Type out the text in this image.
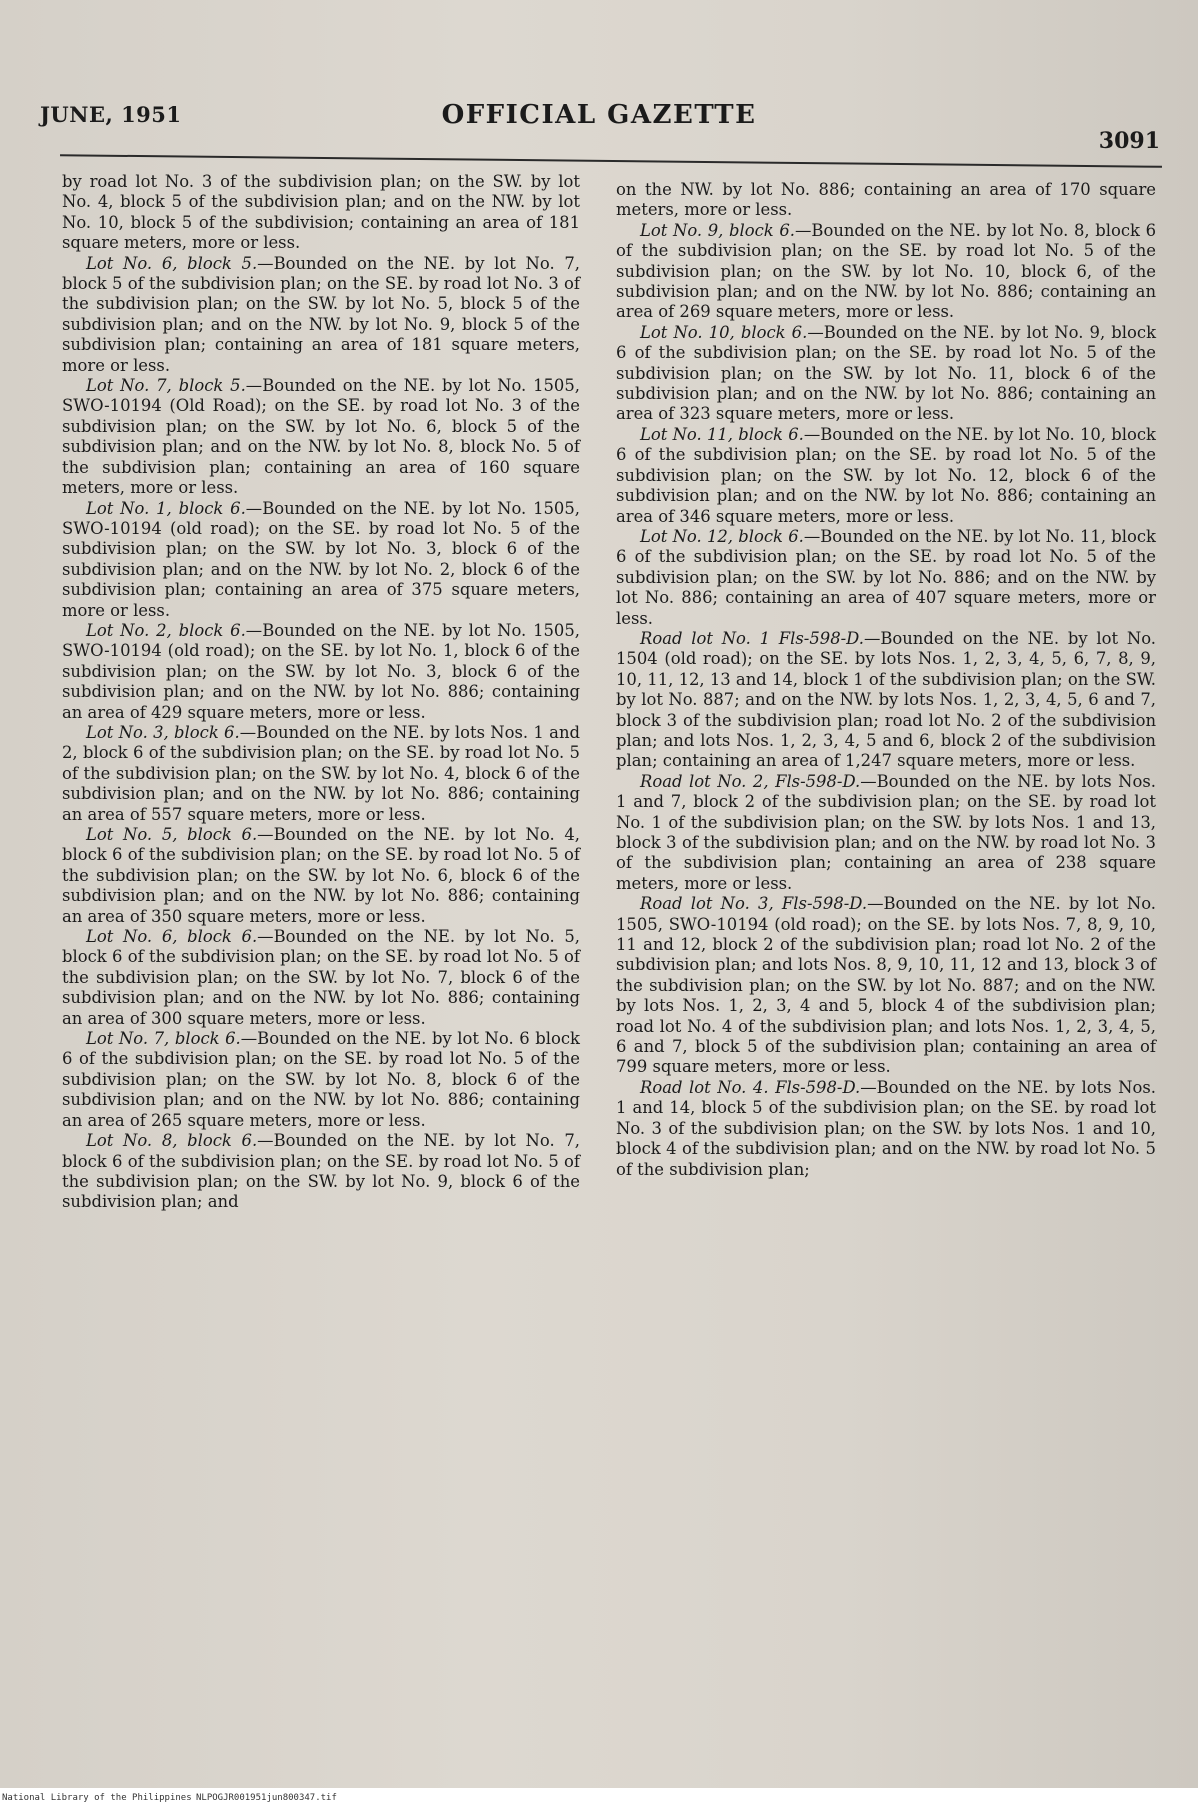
JUNE, 1951	OFFICIAL GAZETTE
3091

by road lot No. 3 of the subdivision plan; on the SW. by lot No. 4, block 5 of the subdivision plan; and on the NW. by lot No. 10, block 5 of the subdivision; containing an area of 181 square meters, more or less.

Lot No. 6, block 5.—Bounded on the NE. by lot No. 7, block 5 of the subdivision plan; on the SE. by road lot No. 3 of the subdivision plan; on the SW. by lot No. 5, block 5 of the subdivision plan; and on the NW. by lot No. 9, block 5 of the subdivision plan; containing an area of 181 square meters, more or less.

Lot No. 7, block 5.—Bounded on the NE. by lot No. 1505, SWO-10194 (Old Road); on the SE. by road lot No. 3 of the subdivision plan; on the SW. by lot No. 6, block 5 of the subdivision plan; and on the NW. by lot No. 8, block No. 5 of the subdivision plan; containing an area of 160 square meters, more or less.

Lot No. 1, block 6.—Bounded on the NE. by lot No. 1505, SWO-10194 (old road); on the SE. by road lot No. 5 of the subdivision plan; on the SW. by lot No. 3, block 6 of the subdivision plan; and on the NW. by lot No. 2, block 6 of the subdivision plan; containing an area of 375 square meters, more or less.

Lot No. 2, block 6.—Bounded on the NE. by lot No. 1505, SWO-10194 (old road); on the SE. by lot No. 1, block 6 of the subdivision plan; on the SW. by lot No. 3, block 6 of the subdivision plan; and on the NW. by lot No. 886; containing an area of 429 square meters, more or less.

Lot No. 3, block 6.—Bounded on the NE. by lots Nos. 1 and 2, block 6 of the subdivision plan; on the SE. by road lot No. 5 of the subdivision plan; on the SW. by lot No. 4, block 6 of the subdivision plan; and on the NW. by lot No. 886; containing an area of 557 square meters, more or less.

Lot No. 5, block 6.—Bounded on the NE. by lot No. 4, block 6 of the subdivision plan; on the SE. by road lot No. 5 of the subdivision plan; on the SW. by lot No. 6, block 6 of the subdivision plan; and on the NW. by lot No. 886; containing an area of 350 square meters, more or less.

Lot No. 6, block 6.—Bounded on the NE. by lot No. 5, block 6 of the subdivision plan; on the SE. by road lot No. 5 of the subdivision plan; on the SW. by lot No. 7, block 6 of the subdivision plan; and on the NW. by lot No. 886; containing an area of 300 square meters, more or less.

Lot No. 7, block 6.—Bounded on the NE. by lot No. 6 block 6 of the subdivision plan; on the SE. by road lot No. 5 of the subdivision plan; on the SW. by lot No. 8, block 6 of the subdivision plan; and on the NW. by lot No. 886; containing an area of 265 square meters, more or less.

Lot No. 8, block 6.—Bounded on the NE. by lot No. 7, block 6 of the subdivision plan; on the SE. by road lot No. 5 of the subdivision plan; on the SW. by lot No. 9, block 6 of the subdivision plan; and

on the NW. by lot No. 886; containing an area of 170 square meters, more or less.

Lot No. 9, block 6.—Bounded on the NE. by lot No. 8, block 6 of the subdivision plan; on the SE. by road lot No. 5 of the subdivision plan; on the SW. by lot No. 10, block 6, of the subdivision plan; and on the NW. by lot No. 886; containing an area of 269 square meters, more or less.

Lot No. 10, block 6.—Bounded on the NE. by lot No. 9, block 6 of the subdivision plan; on the SE. by road lot No. 5 of the subdivision plan; on the SW. by lot No. 11, block 6 of the subdivision plan; and on the NW. by lot No. 886; containing an area of 323 square meters, more or less.

Lot No. 11, block 6.—Bounded on the NE. by lot No. 10, block 6 of the subdivision plan; on the SE. by road lot No. 5 of the subdivision plan; on the SW. by lot No. 12, block 6 of the subdivision plan; and on the NW. by lot No. 886; containing an area of 346 square meters, more or less.

Lot No. 12, block 6.—Bounded on the NE. by lot No. 11, block 6 of the subdivision plan; on the SE. by road lot No. 5 of the subdivision plan; on the SW. by lot No. 886; and on the NW. by lot No. 886; containing an area of 407 square meters, more or less.

Road lot No. 1 Fls-598-D.—Bounded on the NE. by lot No. 1504 (old road); on the SE. by lots Nos. 1, 2, 3, 4, 5, 6, 7, 8, 9, 10, 11, 12, 13 and 14, block 1 of the subdivision plan; on the SW. by lot No. 887; and on the NW. by lots Nos. 1, 2, 3, 4, 5, 6 and 7, block 3 of the subdivision plan; road lot No. 2 of the subdivision plan; and lots Nos. 1, 2, 3, 4, 5 and 6, block 2 of the subdivision plan; containing an area of 1,247 square meters, more or less.

Road lot No. 2, Fls-598-D.—Bounded on the NE. by lots Nos. 1 and 7, block 2 of the subdivision plan; on the SE. by road lot No. 1 of the subdivision plan; on the SW. by lots Nos. 1 and 13, block 3 of the subdivision plan; and on the NW. by road lot No. 3 of the subdivision plan; containing an area of 238 square meters, more or less.

Road lot No. 3, Fls-598-D.—Bounded on the NE. by lot No. 1505, SWO-10194 (old road); on the SE. by lots Nos. 7, 8, 9, 10, 11 and 12, block 2 of the subdivision plan; road lot No. 2 of the subdivision plan; and lots Nos. 8, 9, 10, 11, 12 and 13, block 3 of the subdivision plan; on the SW. by lot No. 887; and on the NW. by lots Nos. 1, 2, 3, 4 and 5, block 4 of the subdivision plan; road lot No. 4 of the subdivision plan; and lots Nos. 1, 2, 3, 4, 5, 6 and 7, block 5 of the subdivision plan; containing an area of 799 square meters, more or less.

Road lot No. 4. Fls-598-D.—Bounded on the NE. by lots Nos. 1 and 14, block 5 of the subdivision plan; on the SE. by road lot No. 3 of the subdivision plan; on the SW. by lots Nos. 1 and 10, block 4 of the subdivision plan; and on the NW. by road lot No. 5 of the subdivision plan;

National Library of the Philippines NLPOGJR001951jun800347.tif
